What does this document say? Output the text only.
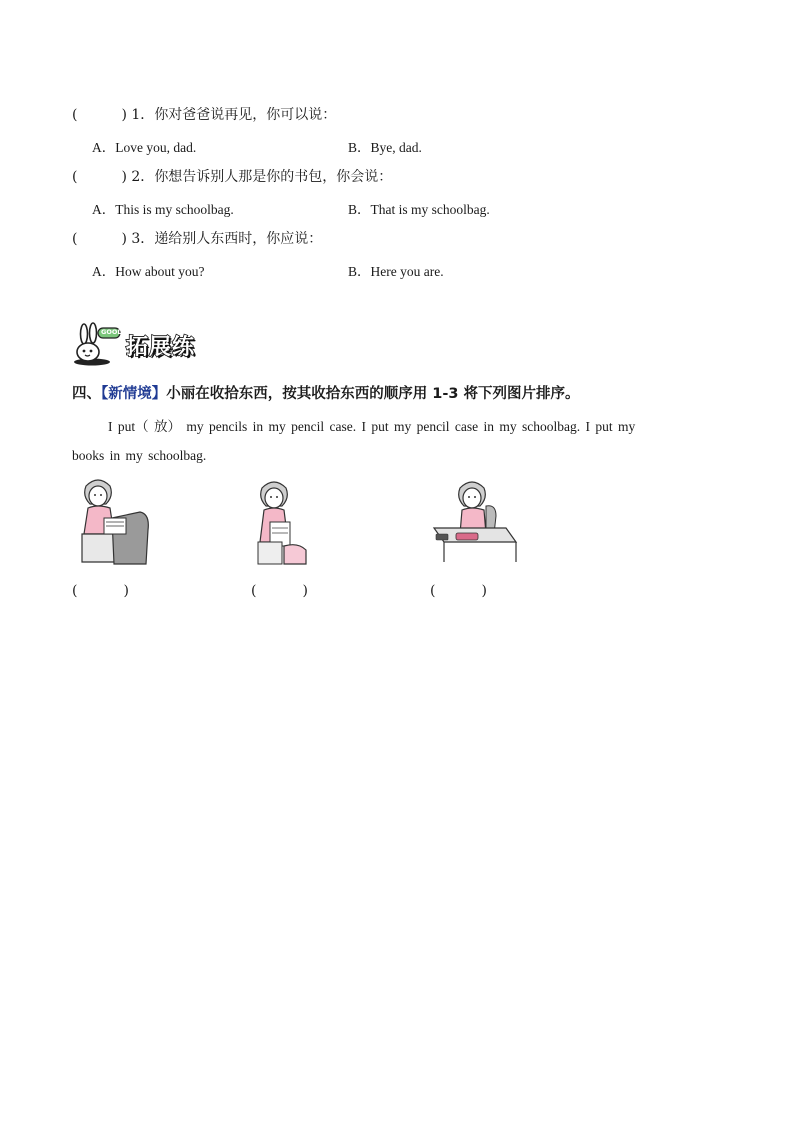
(	) 1．你对爸爸说再见，你可以说：
A．Love you, dad.	B．Bye, dad.
(	) 2．你想告诉别人那是你的书包，你会说：
A．This is my schoolbag.	B．That is my schoolbag.
(	) 3．递给别人东西时，你应说：
A．How about you?	B．Here you are.
GOOD
拓展练
四、【新情境】小丽在收拾东西，按其收拾东西的顺序用 1-3 将下列图片排序。
I put（ 放） my pencils in my pencil case. I put my pencil case in my schoolbag. I put my
books in my schoolbag.
(	)	(	)	(	)
